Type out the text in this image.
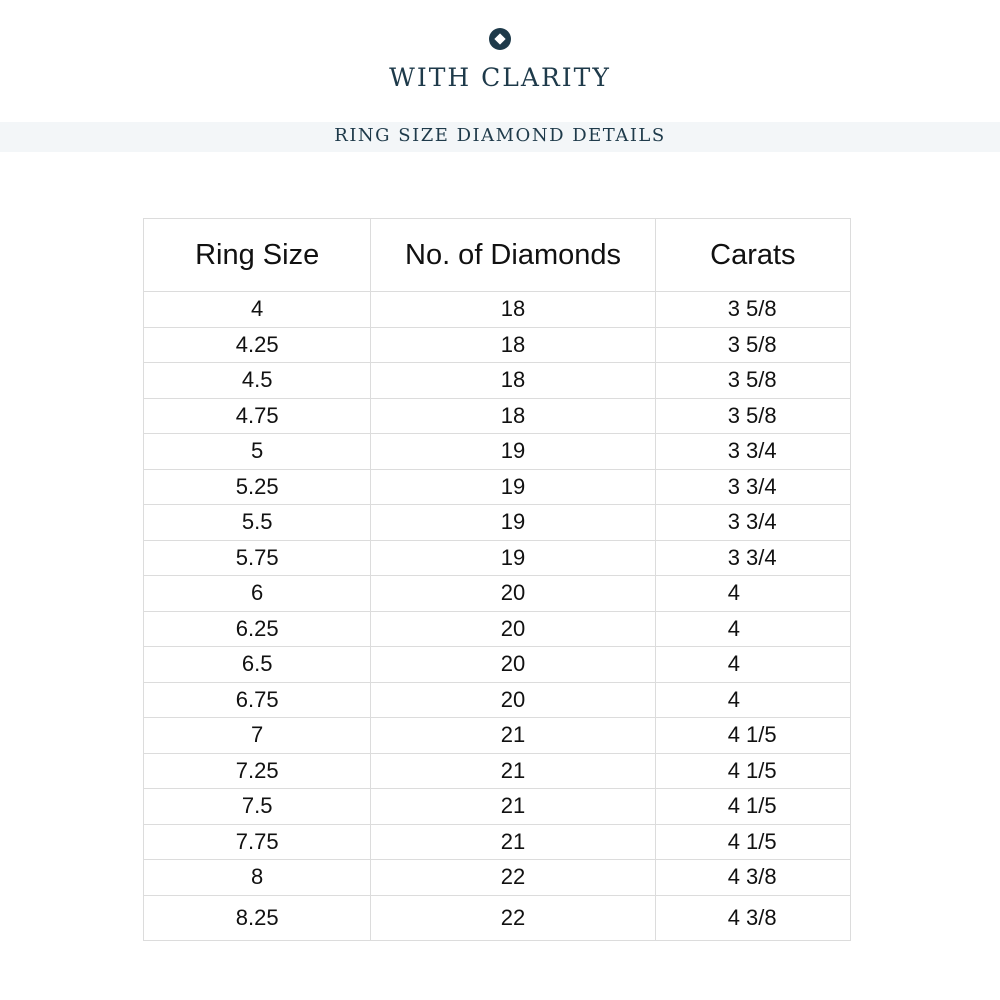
WITH CLARITY
RING SIZE DIAMOND DETAILS
Ring Size	No. of Diamonds	Carats
4	18	3 5/8
4.25	18	3 5/8
4.5	18	3 5/8
4.75	18	3 5/8
5	19	3 3/4
5.25	19	3 3/4
5.5	19	3 3/4
5.75	19	3 3/4
6	20	4
6.25	20	4
6.5	20	4
6.75	20	4
7	21	4 1/5
7.25	21	4 1/5
7.5	21	4 1/5
7.75	21	4 1/5
8	22	4 3/8
8.25	22	4 3/8
